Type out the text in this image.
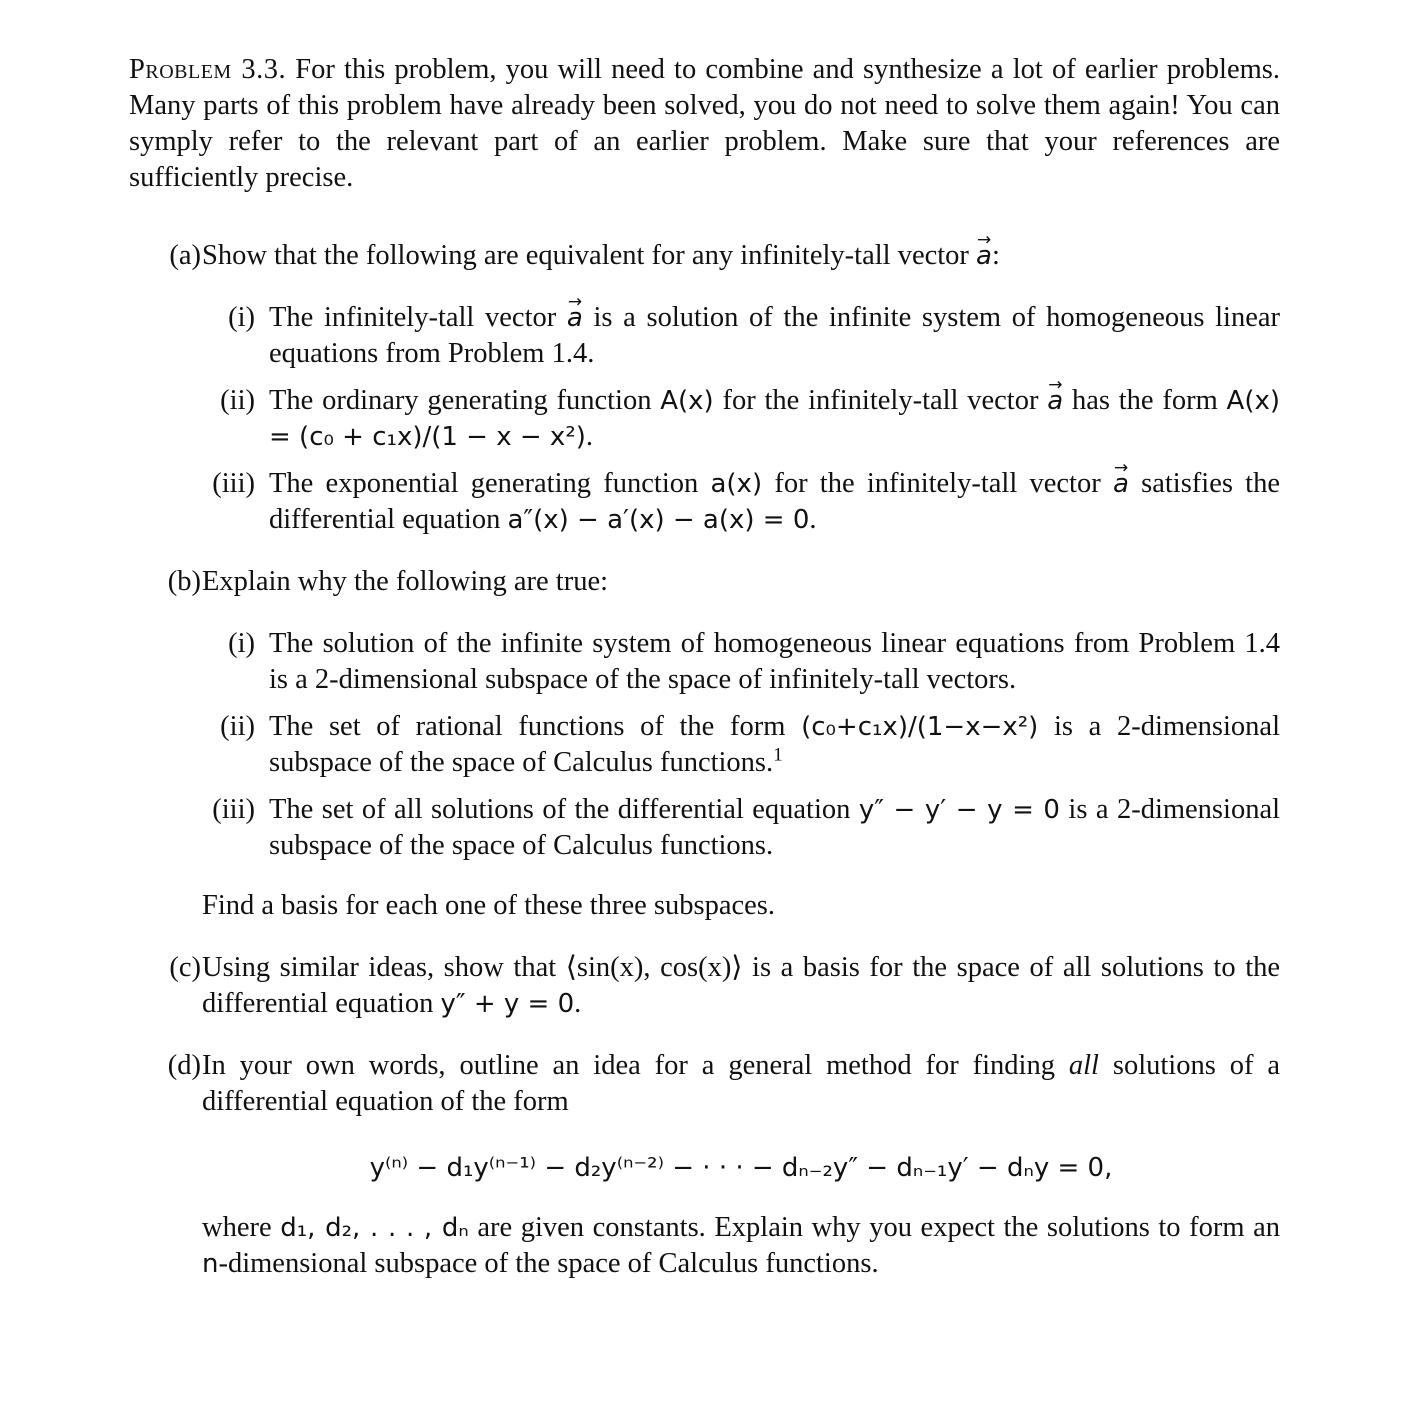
Problem 3.3. For this problem, you will need to combine and synthesize a lot of earlier problems. Many parts of this problem have already been solved, you do not need to solve them again! You can symply refer to the relevant part of an earlier problem. Make sure that your references are sufficiently precise.

(a) Show that the following are equivalent for any infinitely-tall vector a →:
(i) The infinitely-tall vector a → is a solution of the infinite system of homogeneous linear equations from Problem 1.4.
(ii) The ordinary generating function A(x) for the infinitely-tall vector a → has the form A(x) = (c₀ + c₁x)/(1 − x − x²).
(iii) The exponential generating function a(x) for the infinitely-tall vector a → satisfies the differential equation a″(x) − a′(x) − a(x) = 0.
(b) Explain why the following are true:
(i) The solution of the infinite system of homogeneous linear equations from Problem 1.4 is a 2-dimensional subspace of the space of infinitely-tall vectors.
(ii) The set of rational functions of the form (c₀+c₁x)/(1−x−x²) is a 2-dimensional subspace of the space of Calculus functions.$^1$
(iii) The set of all solutions of the differential equation y″ − y′ − y = 0 is a 2-dimensional subspace of the space of Calculus functions.
Find a basis for each one of these three subspaces.
(c) Using similar ideas, show that ⟨sin(x), cos(x)⟩ is a basis for the space of all solutions to the differential equation y″ + y = 0.
(d) In your own words, outline an idea for a general method for finding all solutions of a differential equation of the form
y⁽ⁿ⁾ − d₁y⁽ⁿ⁻¹⁾ − d₂y⁽ⁿ⁻²⁾ − · · · − dₙ₋₂y″ − dₙ₋₁y′ − dₙy = 0,
where d₁, d₂, . . . , dₙ are given constants. Explain why you expect the solutions to form an n-dimensional subspace of the space of Calculus functions.
